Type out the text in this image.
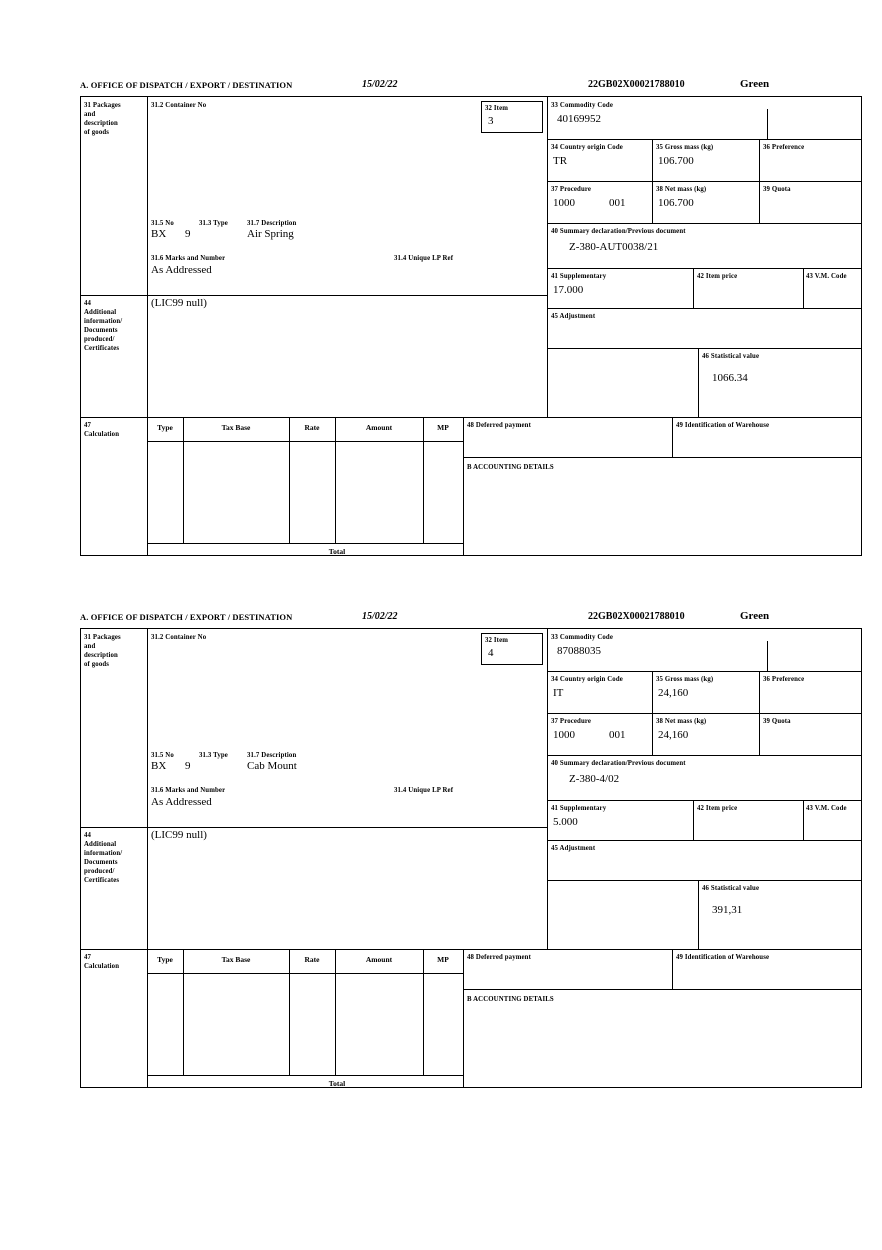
A. OFFICE OF DISPATCH / EXPORT / DESTINATION	15/02/22	22GB02X00021788010	Green
31 Packages
and
description
of goods
31.2 Container No
31.5 No	31.3 Type	31.7 Description
BX 9	Air Spring
31.6 Marks and Number	31.4 Unique LP Ref
As Addressed
32 Item
3
33 Commodity Code
40169952
34 Country origin Code
TR
35 Gross mass (kg)
106.700
36 Preference
37 Procedure
1000	001
38 Net mass (kg)
106.700
39 Quota
40 Summary declaration/Previous document
Z-380-AUT0038/21
41 Supplementary
17.000
42 Item price	43 V.M. Code
45 Adjustment
46 Statistical value
1066.34
44
Additional
information/
Documents
produced/
Certificates
(LIC99 null)
47
Calculation
Type	Tax Base	Rate	Amount	MP
Total
48 Deferred payment	49 Identification of Warehouse
B ACCOUNTING DETAILS
A. OFFICE OF DISPATCH / EXPORT / DESTINATION	15/02/22	22GB02X00021788010	Green
31 Packages
and
description
of goods
31.2 Container No
31.5 No	31.3 Type	31.7 Description
BX 9	Cab Mount
31.6 Marks and Number	31.4 Unique LP Ref
As Addressed
32 Item
4
33 Commodity Code
87088035
34 Country origin Code
IT
35 Gross mass (kg)
24,160
36 Preference
37 Procedure
1000	001
38 Net mass (kg)
24,160
39 Quota
40 Summary declaration/Previous document
Z-380-4/02
41 Supplementary
5.000
42 Item price	43 V.M. Code
45 Adjustment
46 Statistical value
391,31
44
Additional
information/
Documents
produced/
Certificates
(LIC99 null)
47
Calculation
Type	Tax Base	Rate	Amount	MP
Total
48 Deferred payment	49 Identification of Warehouse
B ACCOUNTING DETAILS
